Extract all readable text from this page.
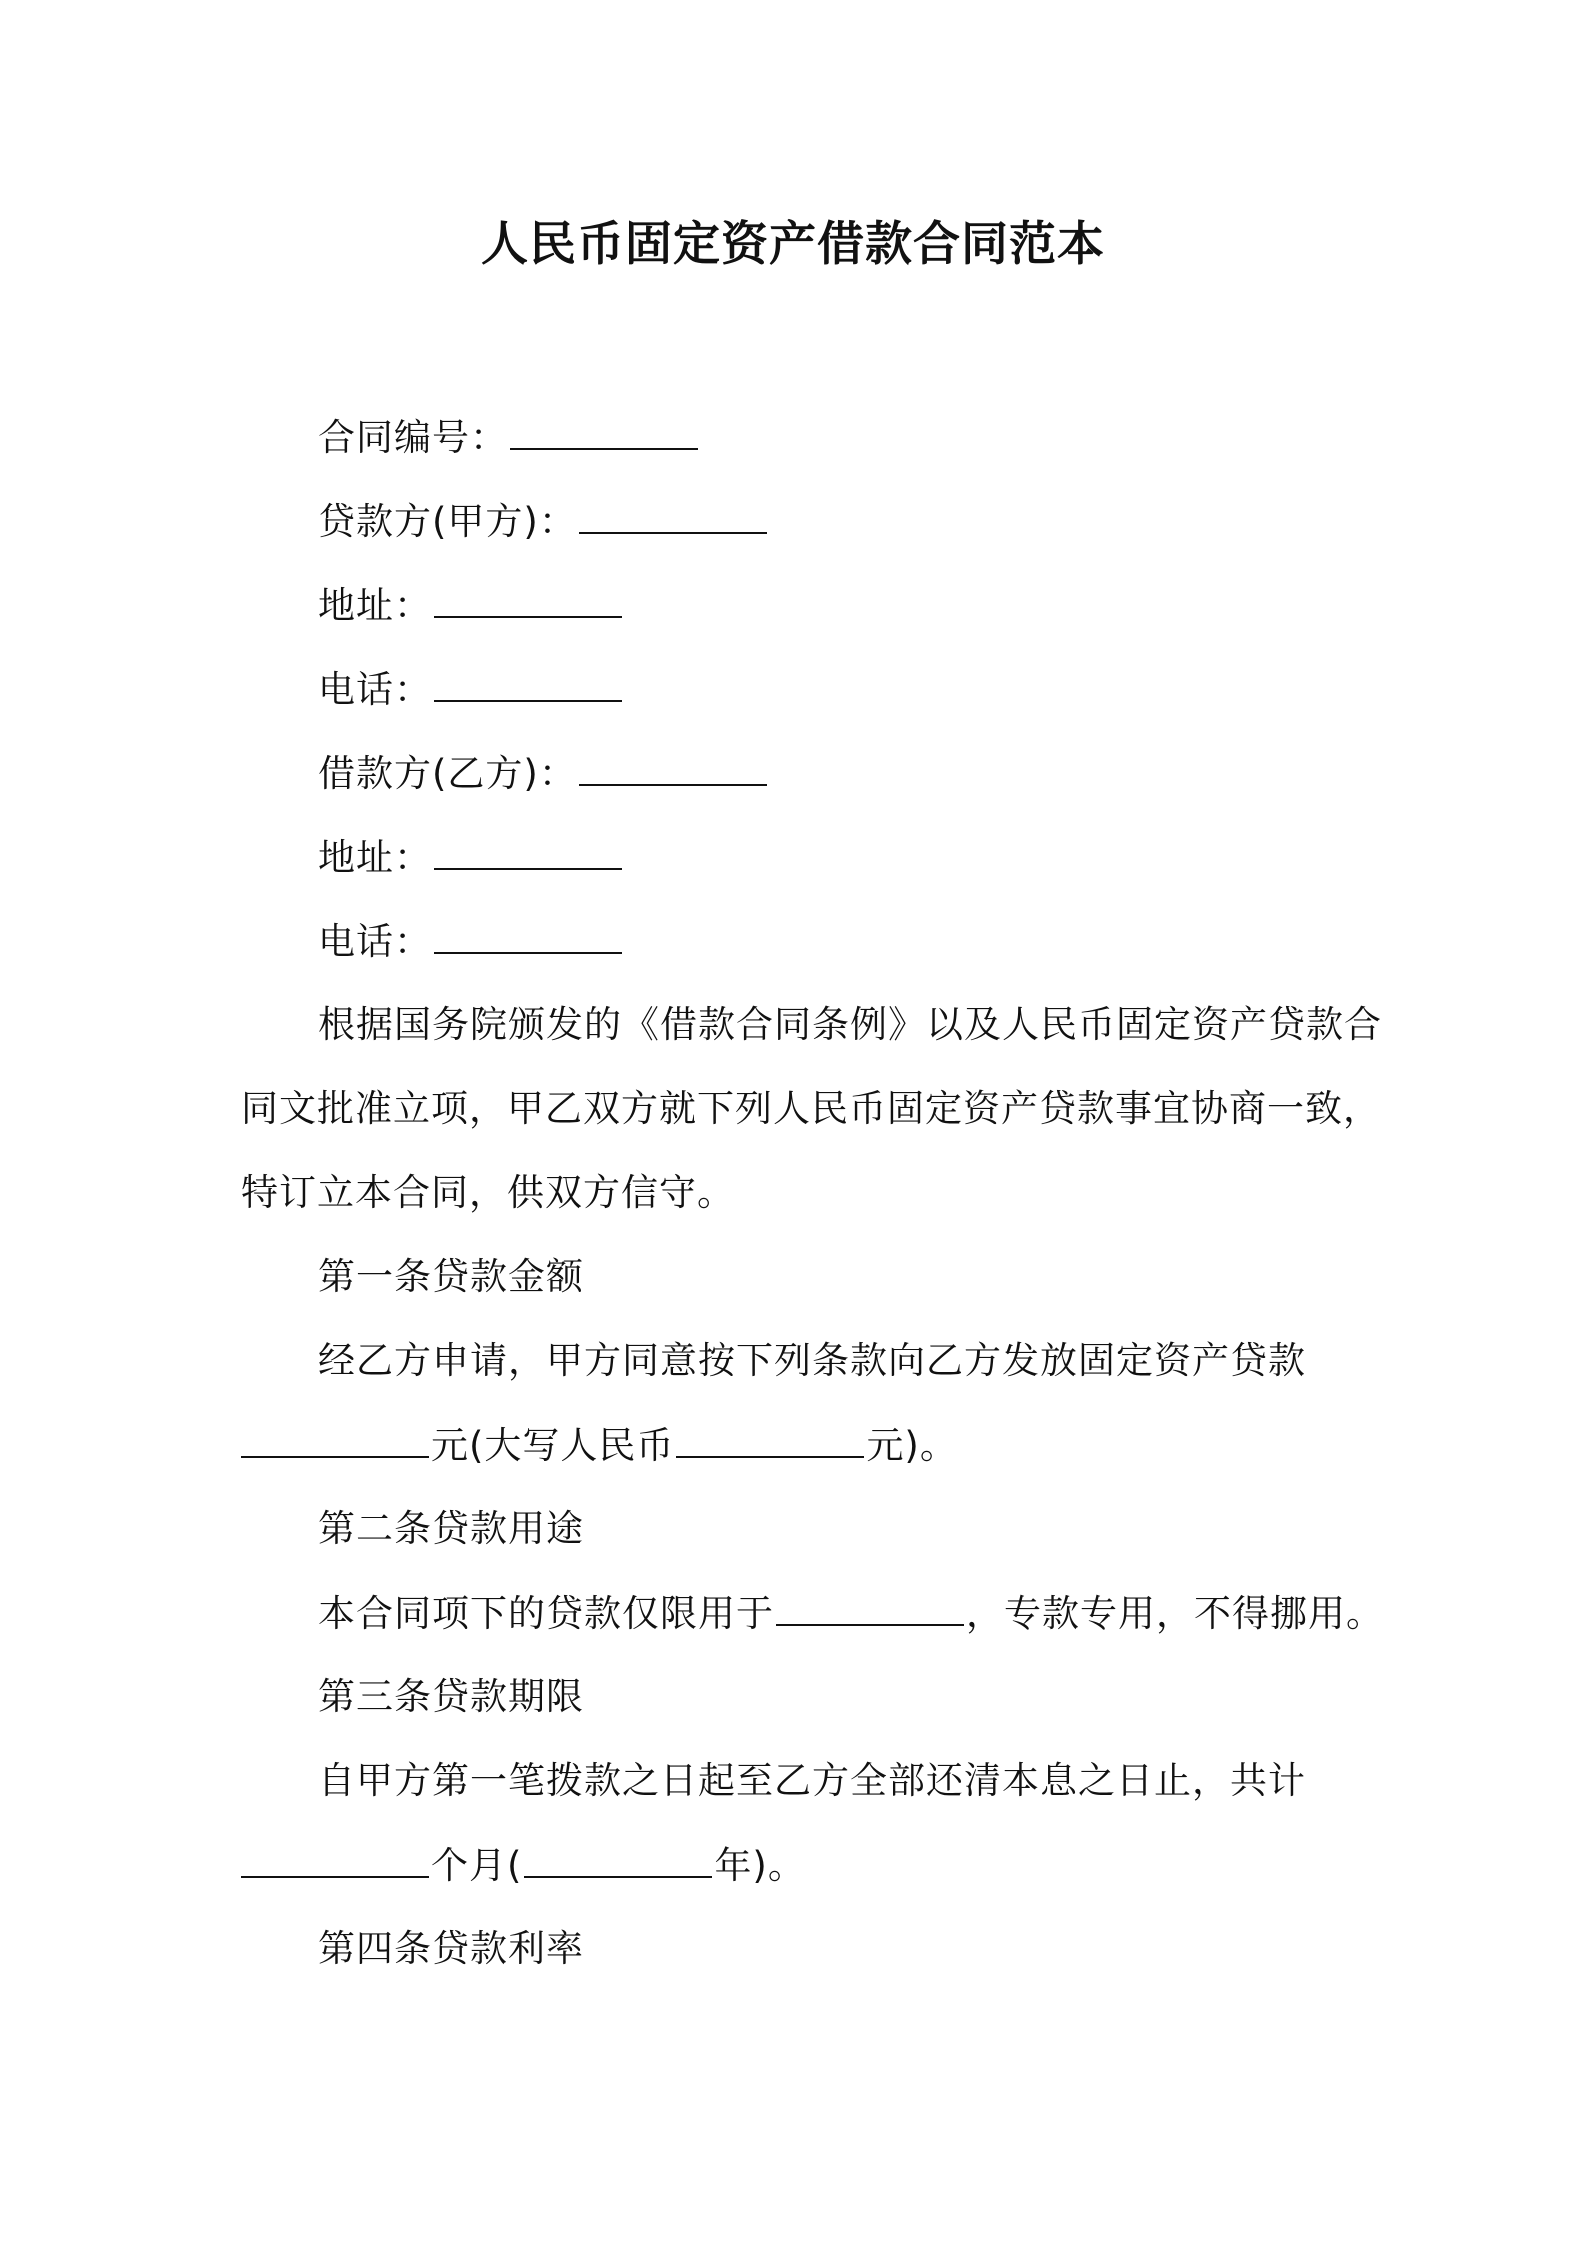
人民币固定资产借款合同范本
合同编号：
贷款方(甲方)：
地址：
电话：
借款方(乙方)：
地址：
电话：
根据国务院颁发的《借款合同条例》以及人民币固定资产贷款合
同文批准立项，甲乙双方就下列人民币固定资产贷款事宜协商一致，
特订立本合同，供双方信守。
第一条贷款金额
经乙方申请，甲方同意按下列条款向乙方发放固定资产贷款
元(大写人民币	元)。
第二条贷款用途
本合同项下的贷款仅限用于	，专款专用，不得挪用。
第三条贷款期限
自甲方第一笔拨款之日起至乙方全部还清本息之日止，共计
个月(	年)。
第四条贷款利率
